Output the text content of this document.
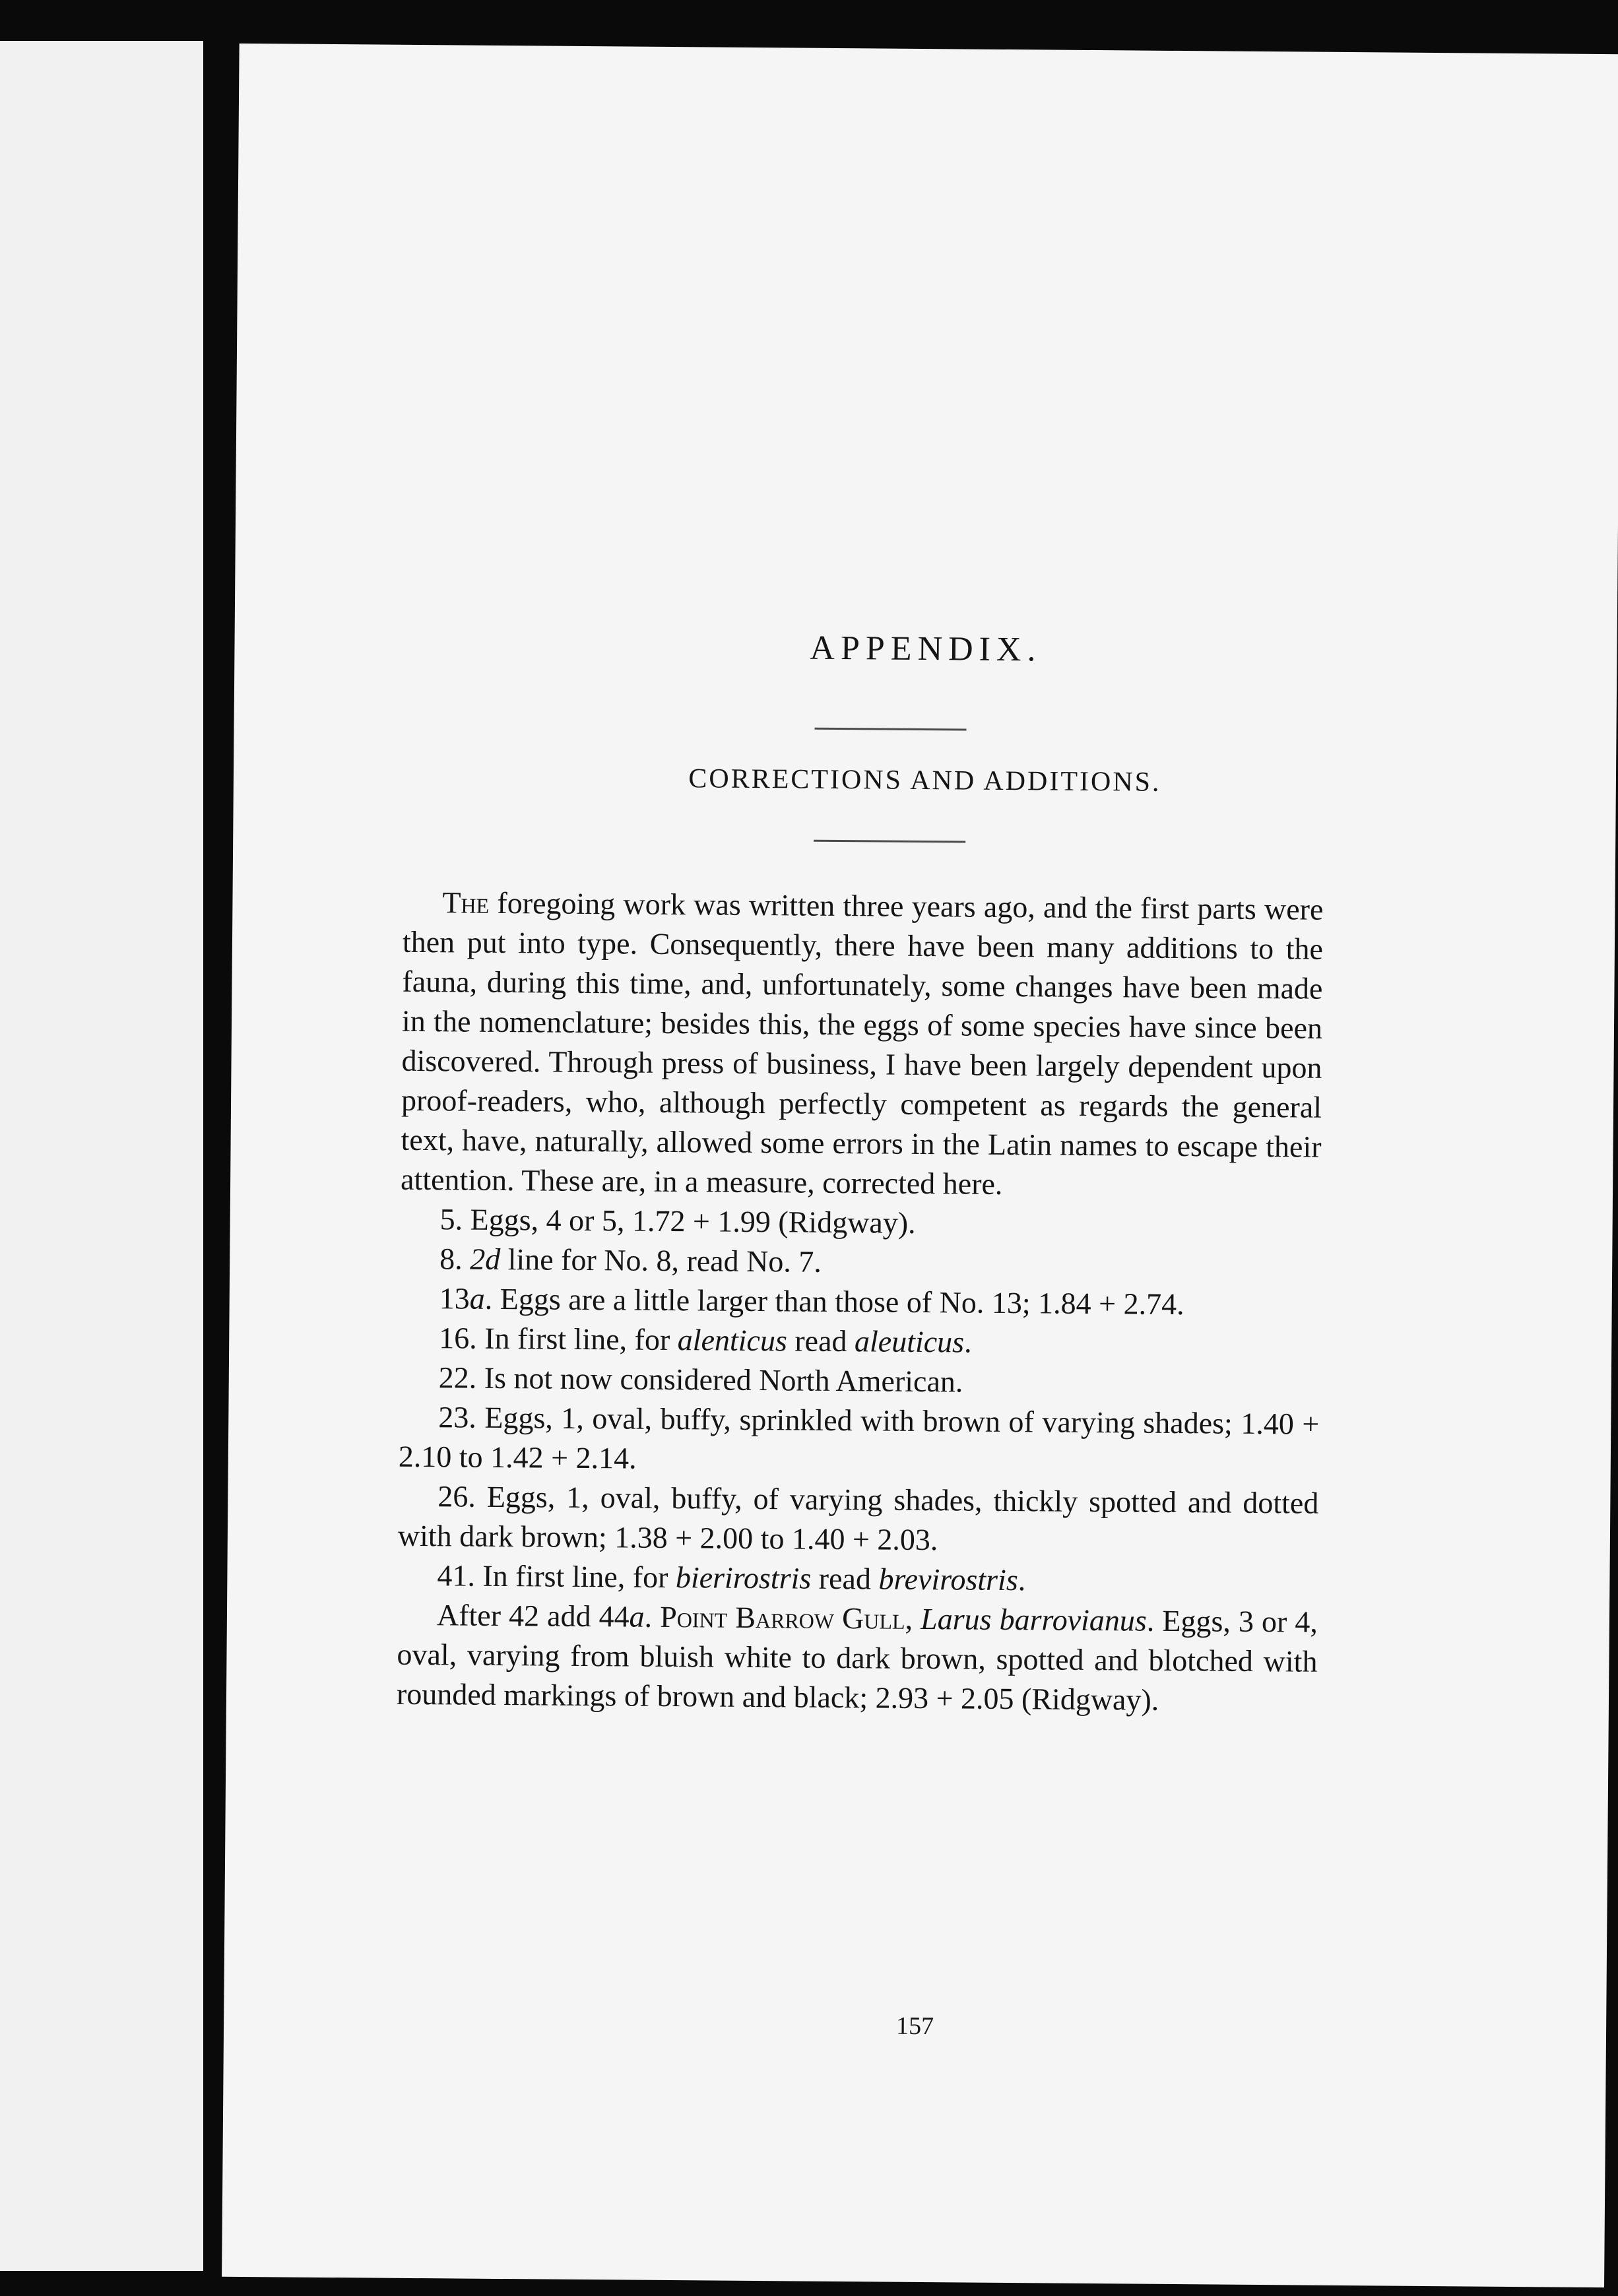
APPENDIX.
CORRECTIONS AND ADDITIONS.

The foregoing work was written three years ago, and the first parts were then put into type. Consequently, there have been many additions to the fauna, during this time, and, unfortunately, some changes have been made in the nomenclature; besides this, the eggs of some species have since been discovered. Through press of business, I have been largely dependent upon proof-readers, who, although perfectly competent as regards the general text, have, naturally, allowed some errors in the Latin names to escape their attention. These are, in a measure, corrected here.

5. Eggs, 4 or 5, 1.72 + 1.99 (Ridgway).

8. 2d line for No. 8, read No. 7.

13a. Eggs are a little larger than those of No. 13; 1.84 + 2.74.

16. In first line, for alenticus read aleuticus.

22. Is not now considered North American.

23. Eggs, 1, oval, buffy, sprinkled with brown of varying shades; 1.40 + 2.10 to 1.42 + 2.14.

26. Eggs, 1, oval, buffy, of varying shades, thickly spotted and dotted with dark brown; 1.38 + 2.00 to 1.40 + 2.03.

41. In first line, for bierirostris read brevirostris.

After 42 add 44a. Point Barrow Gull, Larus barrovianus. Eggs, 3 or 4, oval, varying from bluish white to dark brown, spotted and blotched with rounded markings of brown and black; 2.93 + 2.05 (Ridgway).

157
